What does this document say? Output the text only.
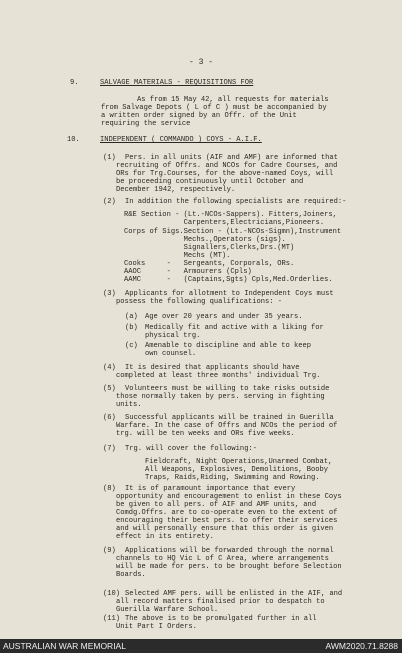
- 3 -
9.	SALVAGE MATERIALS - REQUISITIONS FOR
As from 15 May 42, all requests for materials
from Salvage Depots ( L of C ) must be accompanied by
a written order signed by an Offr. of the Unit
requiring the service
10.	INDEPENDENT ( COMMANDO ) COYS - A.I.F.
(1) Pers. in all units (AIF and AMF) are informed that
recruiting of Offrs. and NCOs for Cadre Courses, and
ORs for Trg.Courses, for the above-named Coys, will
be proceeding continuously until October and
December 1942, respectively.
(2) In addition the following specialists are required:-
R&E Section - (Lt.-NCOs-Sappers). Fitters,Joiners,
Carpenters,Electricians,Pioneers.
Corps of Sigs.Section - (Lt.-NCOs-Sigmn),Instrument
Mechs.,Operators (sigs).
Signallers,Clerks,Drs.(MT)
Mechs (MT).
Cooks     -   Sergeants, Corporals, ORs.
AAOC      -   Armourers (Cpls)
AAMC      -   (Captains,Sgts) Cpls,Med.Orderlies.
(3) Applicants for allotment to Independent Coys must
possess the following qualifications: -
(a) Age over 20 years and under 35 years.
(b) Medically fit and active with a liking for
physical trg.
(c) Amenable to discipline and able to keep
own counsel.
(4) It is desired that applicants should have
completed at least three months' individual Trg.
(5) Volunteers must be willing to take risks outside
those normally taken by pers. serving in fighting
units.
(6) Successful applicants will be trained in Guerilla
Warfare. In the case of Offrs and NCOs the period of
trg. will be ten weeks and ORs five weeks.
(7) Trg. will cover the following:-
Fieldcraft, Night Operations,Unarmed Combat,
All Weapons, Explosives, Demolitions, Booby
Traps, Raids,Riding, Swimming and Rowing.
(8) It is of paramount importance that every
opportunity and encouragement to enlist in these Coys
be given to all pers. of AIF and AMF units, and
Comdg.Offrs. are to co-operate even to the extent of
encouraging their best pers. to offer their services
and will personally ensure that this order is given
effect in its entirety.
(9) Applications will be forwarded through the normal
channels to HQ Vic L of C Area, where arrangements
will be made for pers. to be brought before Selection
Boards.
(10) Selected AMF pers. will be enlisted in the AIF, and
all record matters finalised prior to despatch to
Guerilla Warfare School.
(11) The above is to be promulgated further in all
Unit Part I Orders.
AUSTRALIAN WAR MEMORIAL	AWM2020.71.8288
